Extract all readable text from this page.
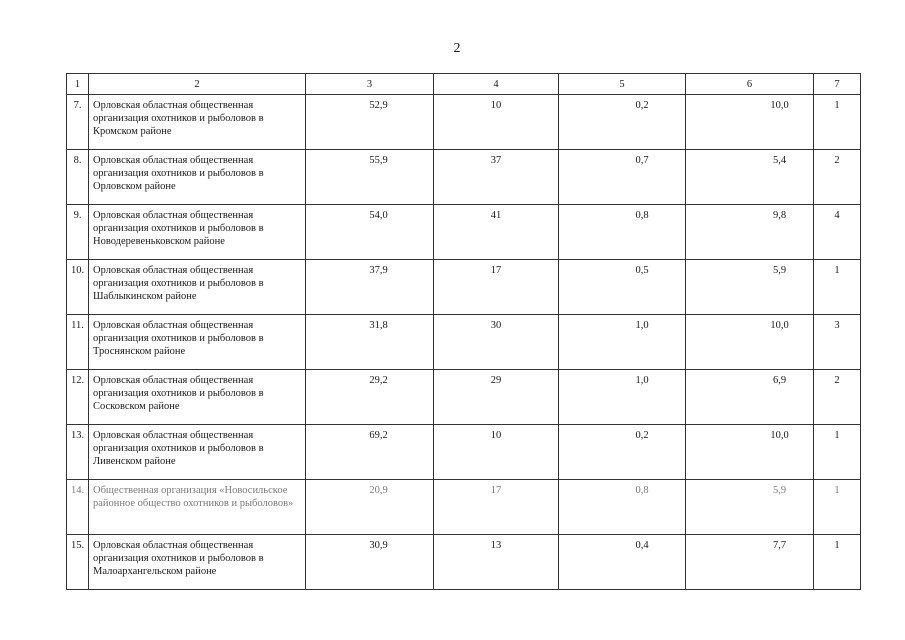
2
1	2	3	4	5	6	7
7.	Орловская областная общественная организация охотников и рыболовов в Кромском районе	52,9	10	0,2	10,0	1
8.	Орловская областная общественная организация охотников и рыболовов в Орловском районе	55,9	37	0,7	5,4	2
9.	Орловская областная общественная организация охотников и рыболовов в Новодеревеньковском районе	54,0	41	0,8	9,8	4
10.	Орловская областная общественная организация охотников и рыболовов в Шаблыкинском районе	37,9	17	0,5	5,9	1
11.	Орловская областная общественная организация охотников и рыболовов в Троснянском районе	31,8	30	1,0	10,0	3
12.	Орловская областная общественная организация охотников и рыболовов в Сосковском районе	29,2	29	1,0	6,9	2
13.	Орловская областная общественная организация охотников и рыболовов в Ливенском районе	69,2	10	0,2	10,0	1
14.	Общественная организация «Новосильское районное общество охотников и рыболовов»	20,9	17	0,8	5,9	1
15.	Орловская областная общественная организация охотников и рыболовов в Малоархангельском районе	30,9	13	0,4	7,7	1
